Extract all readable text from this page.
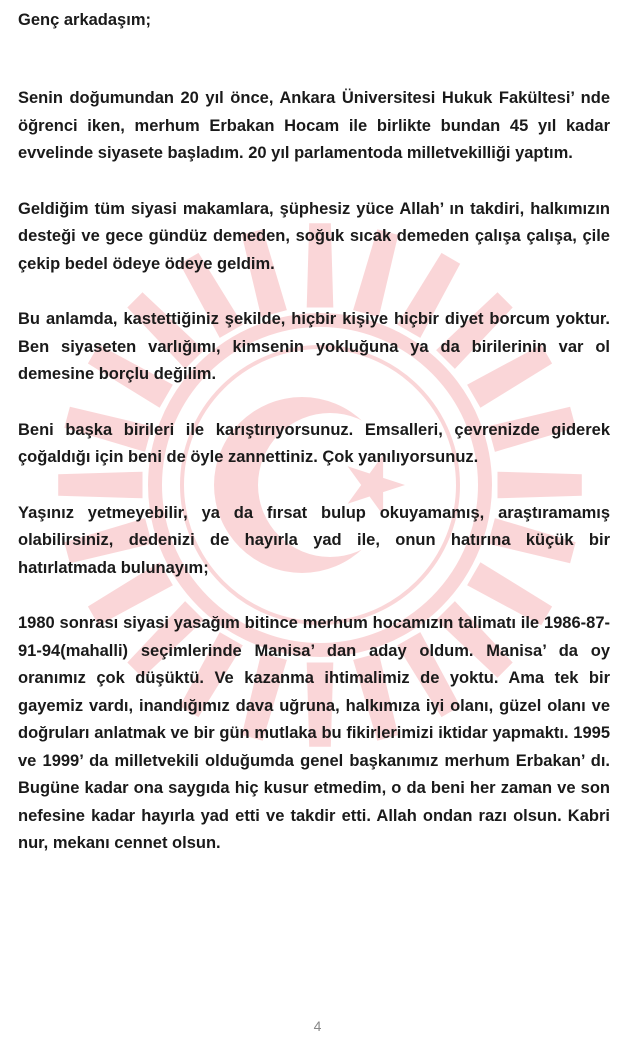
Genç arkadaşım;

Senin doğumundan 20 yıl önce, Ankara Üniversitesi Hukuk Fakültesi’ nde öğrenci iken, merhum Erbakan Hocam ile birlikte bundan 45 yıl kadar evvelinde siyasete başladım. 20 yıl parlamentoda milletvekilliği yaptım.

Geldiğim tüm siyasi makamlara, şüphesiz yüce Allah’ ın takdiri, halkımızın desteği ve gece gündüz demeden, soğuk sıcak demeden çalışa çalışa, çile çekip bedel ödeye ödeye geldim.

Bu anlamda, kastettiğiniz şekilde, hiçbir kişiye hiçbir diyet borcum yoktur. Ben siyaseten varlığımı, kimsenin yokluğuna ya da birilerinin var ol demesine borçlu değilim.

Beni başka birileri ile karıştırıyorsunuz. Emsalleri, çevrenizde giderek çoğaldığı için beni de öyle zannettiniz. Çok yanılıyorsunuz.

Yaşınız yetmeyebilir, ya da fırsat bulup okuyamamış, araştıramamış olabilirsiniz, dedenizi de hayırla yad ile, onun hatırına küçük bir hatırlatmada bulunayım;

1980 sonrası siyasi yasağım bitince merhum hocamızın talimatı ile 1986-87-91-94(mahalli) seçimlerinde Manisa’ dan aday oldum. Manisa’ da oy oranımız çok düşüktü. Ve kazanma ihtimalimiz de yoktu. Ama tek bir gayemiz vardı, inandığımız dava uğruna, halkımıza iyi olanı, güzel olanı ve doğruları anlatmak ve bir gün mutlaka bu fikirlerimizi iktidar yapmaktı. 1995 ve 1999’ da milletvekili olduğumda genel başkanımız merhum Erbakan’ dı. Bugüne kadar ona saygıda hiç kusur etmedim, o da beni her zaman ve son nefesine kadar hayırla yad etti ve takdir etti. Allah ondan razı olsun. Kabri nur, mekanı cennet olsun.

4
